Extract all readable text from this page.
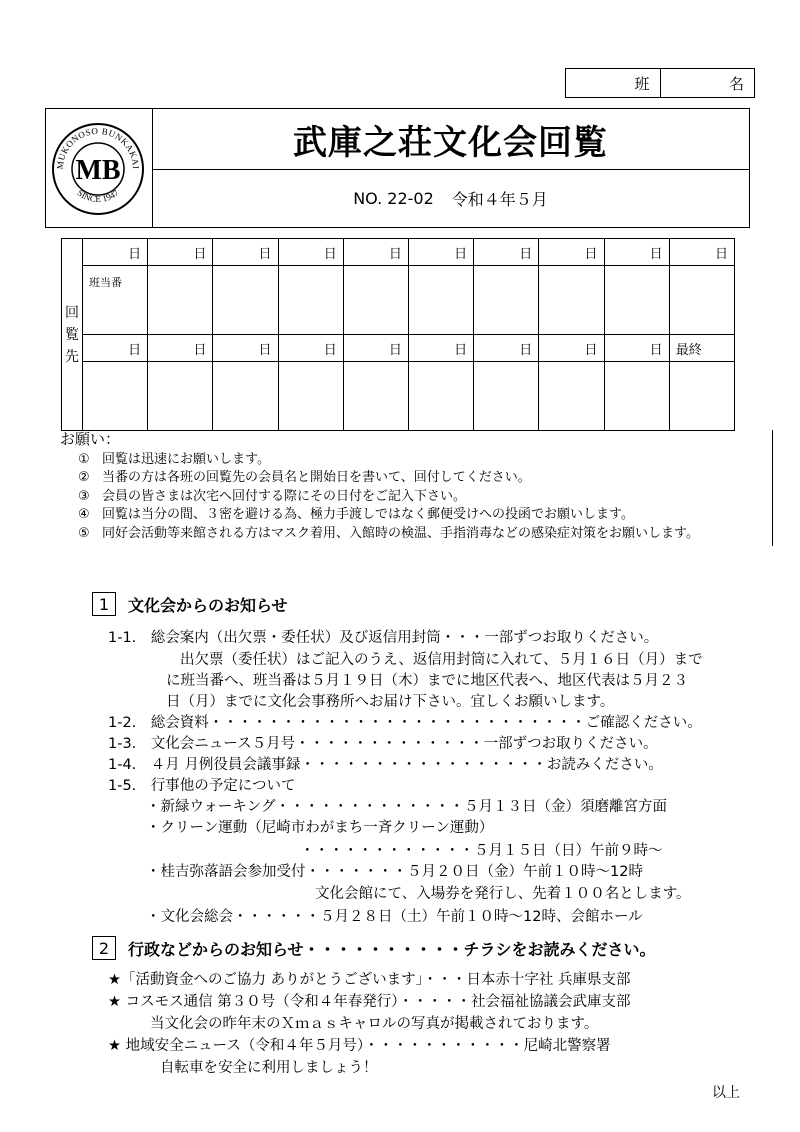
班	名
MUKONOSO BUNKAKAI
SINCE 1947
MB
武庫之荘文化会回覧
NO. 22-02 令和４年５月
回
覧
先	日	日	日	日	日	日	日	日	日	日
	班当番									
	日	日	日	日	日	日	日	日	日	最終

お願い：
① 回覧は迅速にお願いします。
② 当番の方は各班の回覧先の会員名と開始日を書いて、回付してください。
③ 会員の皆さまは次宅へ回付する際にその日付をご記入下さい。
④ 回覧は当分の間、３密を避ける為、極力手渡しではなく郵便受けへの投函でお願いします。
⑤ 同好会活動等来館される方はマスク着用、入館時の検温、手指消毒などの感染症対策をお願いします。
1	文化会からのお知らせ
1-1.　総会案内（出欠票・委任状）及び返信用封筒・・・一部ずつお取りください。
出欠票（委任状）はご記入のうえ、返信用封筒に入れて、５月１６日（月）まで
に班当番へ、班当番は５月１９日（木）までに地区代表へ、地区代表は５月２３
日（月）までに文化会事務所へお届け下さい。宜しくお願いします。
1-2.　総会資料・・・・・・・・・・・・・・・・・・・・・・・・・・ご確認ください。
1-3.　文化会ニュース５月号・・・・・・・・・・・・・一部ずつお取りください。
1-4.　４月 月例役員会議事録・・・・・・・・・・・・・・・・・お読みください。
1-5.　行事他の予定について
・新緑ウォーキング・・・・・・・・・・・・・５月１３日（金）須磨離宮方面
・クリーン運動（尼崎市わがまち一斉クリーン運動）
・・・・・・・・・・・・５月１５日（日）午前９時～
・桂吉弥落語会参加受付・・・・・・・５月２０日（金）午前１０時～12時
文化会館にて、入場券を発行し、先着１００名とします。
・文化会総会・・・・・・５月２８日（土）午前１０時～12時、会館ホール
2	行政などからのお知らせ・・・・・・・・・・チラシをお読みください。
★「活動資金へのご協力 ありがとうございます」・・・日本赤十字社 兵庫県支部
★ コスモス通信 第３０号（令和４年春発行）・・・・・社会福祉協議会武庫支部
当文化会の昨年末のＸｍａｓキャロルの写真が掲載されております。
★ 地域安全ニュース（令和４年５月号）・・・・・・・・・・・尼崎北警察署
自転車を安全に利用しましょう！
以上
